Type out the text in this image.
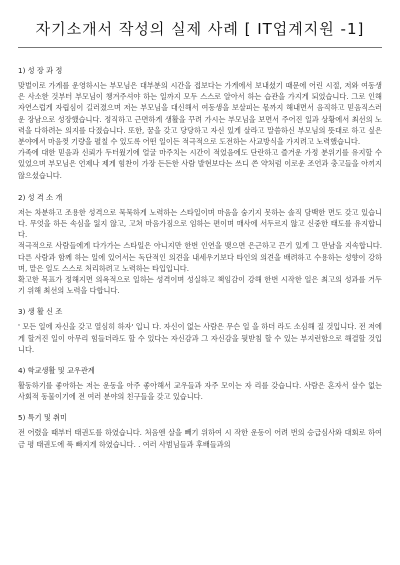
자기소개서 작성의 실제 사례 [ IT업계지원 -1]
1) 성 장 과 정

맞벌이로 가게를 운영하시는 부모님은 대부분의 시간을 접보다는 가게에서 보내셨기 때문에 어린 시절, 저와 여동생은 사소한 것부터 부모님이 챙겨주셔야 하는 일까지 모두 스스로 알아서 하는 습관을 가지게 되었습니다. 그로 인해 자연스럽게 자립심이 길러졌으며 저는 부모님을 대신해서 여동생을 보살피는 몫까지 해내면서 음직하고 믿음직스러운 장남으로 성장했습니다. 정직하고 근면하게 생활을 꾸려 가시는 부모님을 보면서 주어진 일과 상황에서 최선의 노력을 다하려는 의지를 다졌습니다. 또한, 꿈을 갖고 당당하고 자신 있게 살라고 말씀하신 부모님의 뜻대로 하고 싶은 분야에서 마음껏 기량을 펼칠 수 있도록 어떤 일이든 적극적으로 도전하는 사교방식을 가지려고 노력했습니다.

가족에 대한 믿음과 신뢰가 두터웠기에 얼굴 마주치는 시간이 적었음에도 단란하고 즐거운 가정 분위기를 유지할 수 있었으며 부모님은 언제나 제게 힘찬이 가장 든든한 사람 발현보다는 쓰디 쓴 약처럼 이로운 조언과 충고들을 아끼지 않으셨습니다.

2) 성 격 소 개

저는 차분하고 조용한 성격으로 묵묵하게 노력하는 스타일이며 마음을 숨기지 못하는 솔직 담백한 면도 갖고 있습니다. 무엇을 하든 속심을 잃지 않고, 고쳐 마음가짐으로 임하는 편이며 매사에 서두르지 않고 신중한 태도를 유지합니다.

적극적으로 사람들에게 다가가는 스타일은 아니지만 한번 인연을 맺으면 은근하고 끈기 있게 그 만남을 지속합니다. 다른 사람과 함께 하는 일에 있어서는 독단적인 의견을 내세우기보다 타인의 의견을 배려하고 수용하는 성향이 강하며, 맡은 일도 스스로 처리하려고 노력하는 타입입니다.

확고한 목표가 정해지면 의욕적으로 일하는 성격이며 성실하고 책임감이 강해 한번 시작한 일은 최고의 성과를 거두기 위해 최선의 노력을 다합니다.

3) 생 활 신 조

' 모든 일에 자신을 갖고 열심히 하자' 입니 다. 자신이 없는 사람은 무슨 일 을 하더 라도 소심해 질 것입니다. 전 저에게 할겨진 일이 아무리 힘들더라도 할 수 있다는 자신감과 그 자신감을 뒷받침 할 수 있는 부지런함으로 해결할 것입니다.

4) 학교생활 및 교우관계

활동하기를 좋아하는 저는 운동을 아주 좋아해서 교우들과 자주 모이는 자 리를 갖습니다. 사람은 혼자서 살수 없는 사회적 동물이기에 전 여러 분야의 친구들을 갖고 있습니다.

5) 특기 및 취미

전 어렸을 때부터 태권도를 하였습니다. 처음엔 살을 빼기 위하여 시 작한 운동이 어려 번의 승급심사와 대회로 하여금 평 태권도에 푹 빠지게 하였습니다. . 여러 사범님들과 후배들과의
